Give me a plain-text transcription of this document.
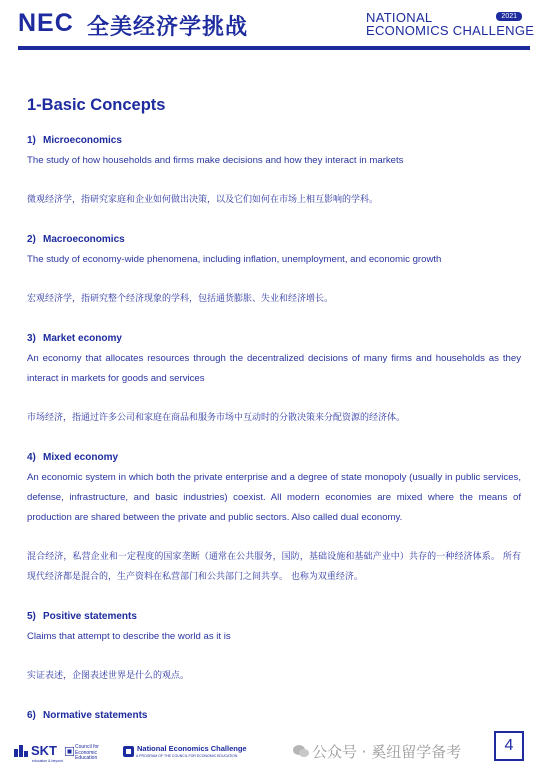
NEC 全美经济学挑战	NATIONAL	2021
ECONOMICS CHALLENGE
1-Basic Concepts

1) Microeconomics

The study of how households and firms make decisions and how they interact in markets

微观经济学，指研究家庭和企业如何做出决策，以及它们如何在市场上相互影响的学科。

2) Macroeconomics

The study of economy-wide phenomena, including inflation, unemployment, and economic growth

宏观经济学，指研究整个经济现象的学科，包括通货膨胀、失业和经济增长。

3) Market economy

An economy that allocates resources through the decentralized decisions of many firms and households as they interact in markets for goods and services

市场经济，指通过许多公司和家庭在商品和服务市场中互动时的分散决策来分配资源的经济体。

4) Mixed economy

An economic system in which both the private enterprise and a degree of state monopoly (usually in public services, defense, infrastructure, and basic industries) coexist. All modern economies are mixed where the means of production are shared between the private and public sectors. Also called dual economy.

混合经济，私营企业和一定程度的国家垄断（通常在公共服务，国防，基础设施和基础产业中）共存的一种经济体系。 所有现代经济都是混合的，生产资料在私营部门和公共部门之间共享。 也称为双重经济。

5) Positive statements

Claims that attempt to describe the world as it is

实证表述，企图表述世界是什么的观点。

6) Normative statements

SKT
education & beyond
Council for Economic Education
National Economics Challenge
A PROGRAM OF THE COUNCIL FOR ECONOMIC EDUCATION	公众号 · 奚纽留学备考	4
